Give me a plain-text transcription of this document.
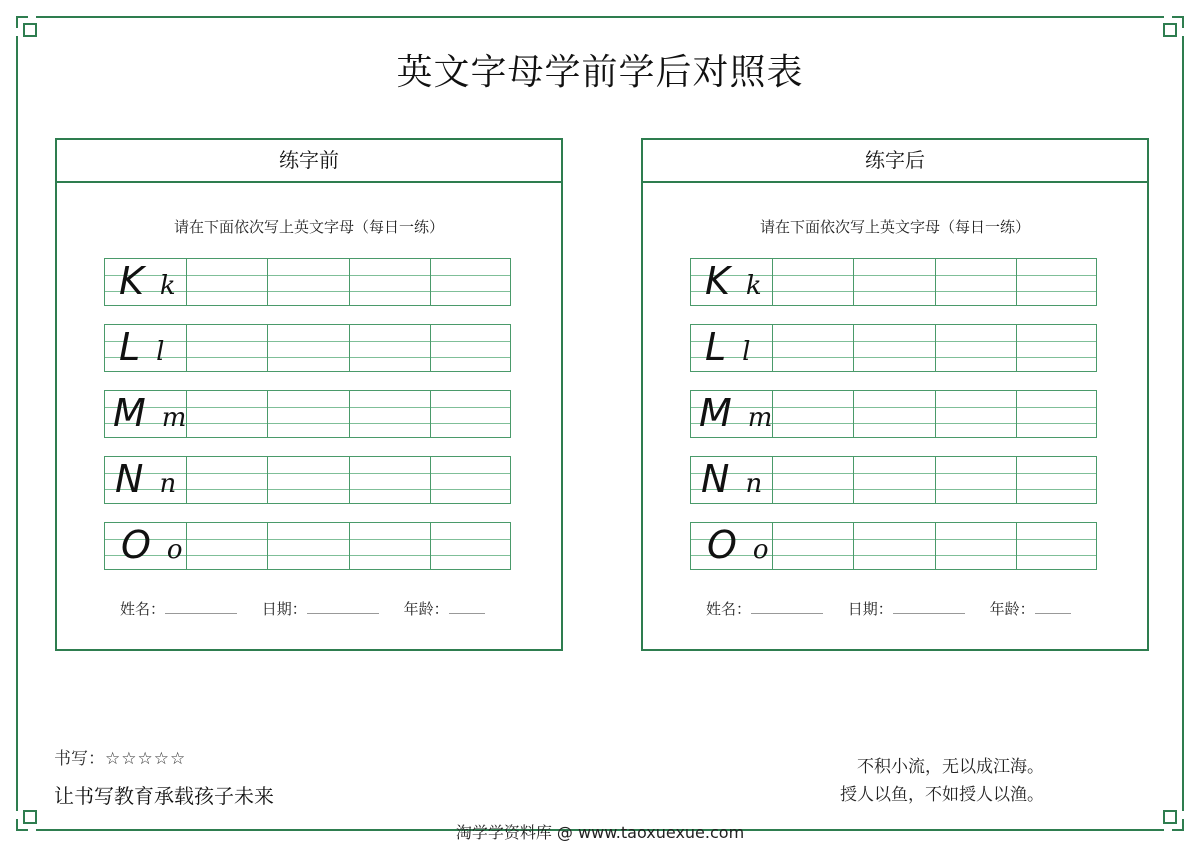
英文字母学前学后对照表
练字前
请在下面依次写上英文字母（每日一练）
K k
L l
M m
N n
O o
姓名：	日期：	年龄：
练字后
请在下面依次写上英文字母（每日一练）
K k
L l
M m
N n
O o
姓名：	日期：	年龄：
书写：☆☆☆☆☆
让书写教育承载孩子未来
不积小流，无以成江海。
授人以鱼，不如授人以渔。
淘学学资料库 @ www.taoxuexue.com
